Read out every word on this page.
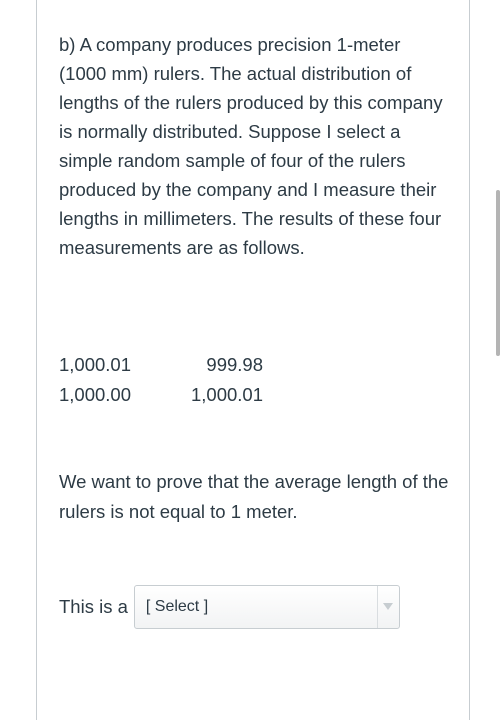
b) A company produces precision 1-meter (1000 mm) rulers. The actual distribution of lengths of the rulers produced by this company is normally distributed. Suppose I select a simple random sample of four of the rulers produced by the company and I measure their lengths in millimeters. The results of these four measurements are as follows.

1,000.01	999.98
1,000.00	1,000.01

We want to prove that the average length of the rulers is not equal to 1 meter.

This is a [ Select ]
